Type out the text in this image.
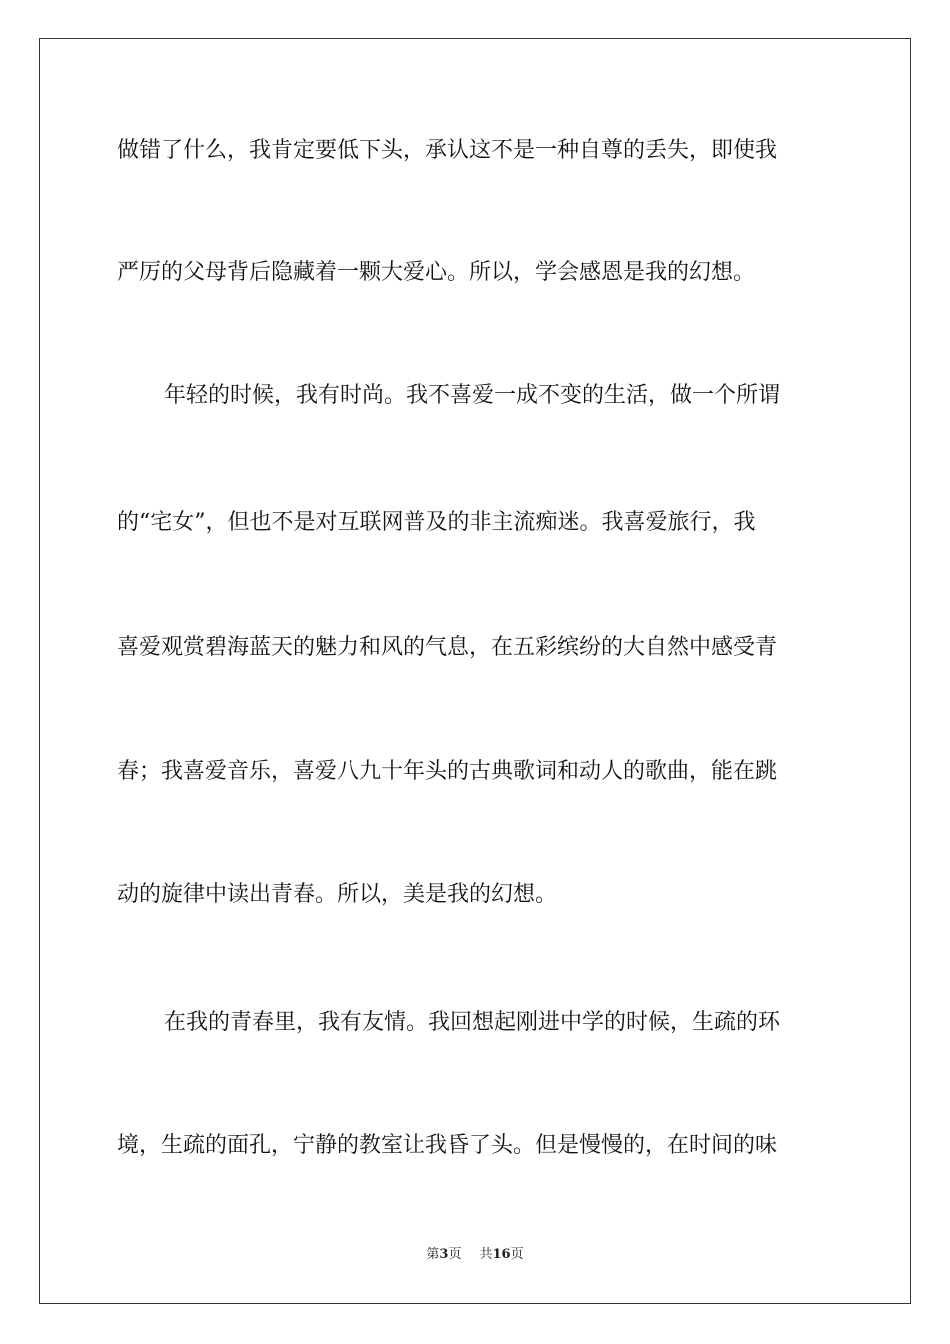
做错了什么，我肯定要低下头，承认这不是一种自尊的丢失，即使我
严厉的父母背后隐藏着一颗大爱心。所以，学会感恩是我的幻想。
年轻的时候，我有时尚。我不喜爱一成不变的生活，做一个所谓
的“宅女”，但也不是对互联网普及的非主流痴迷。我喜爱旅行，我
喜爱观赏碧海蓝天的魅力和风的气息，在五彩缤纷的大自然中感受青
春；我喜爱音乐，喜爱八九十年头的古典歌词和动人的歌曲，能在跳
动的旋律中读出青春。所以，美是我的幻想。
在我的青春里，我有友情。我回想起刚进中学的时候，生疏的环
境，生疏的面孔，宁静的教室让我昏了头。但是慢慢的，在时间的味
第3页 共16页
